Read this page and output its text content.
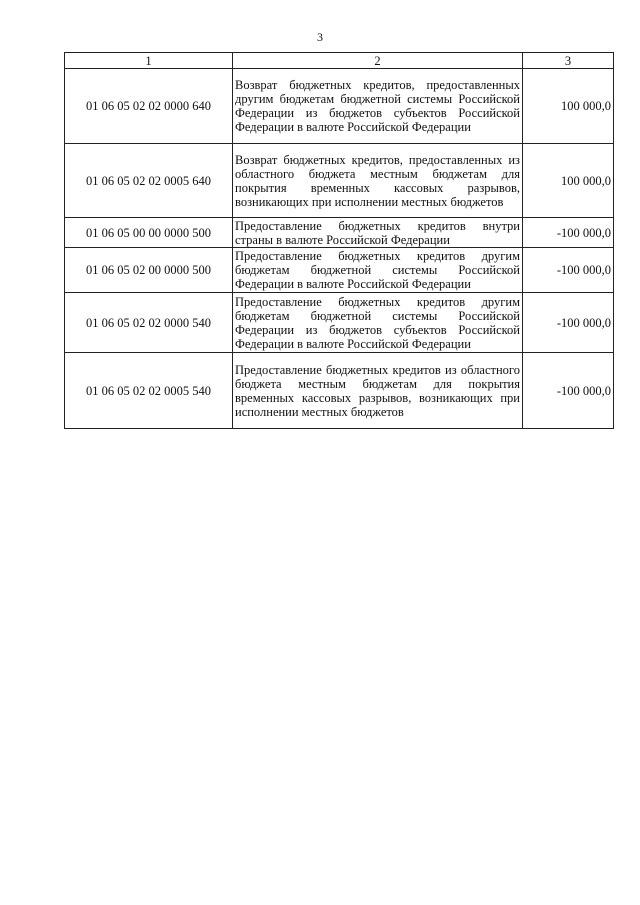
3
1	2	3
01 06 05 02 02 0000 640	Возврат бюджетных кредитов, предоставленных другим бюджетам бюджетной системы Российской Федерации из бюджетов субъектов Российской Федерации в валюте Российской Федерации	100 000,0
01 06 05 02 02 0005 640	Возврат бюджетных кредитов, предоставленных из областного бюджета местным бюджетам для покрытия временных кассовых разрывов, возникающих при исполнении местных бюджетов	100 000,0
01 06 05 00 00 0000 500	Предоставление бюджетных кредитов внутри страны в валюте Российской Федерации	-100 000,0
01 06 05 02 00 0000 500	Предоставление бюджетных кредитов другим бюджетам бюджетной системы Российской Федерации в валюте Российской Федерации	-100 000,0
01 06 05 02 02 0000 540	Предоставление бюджетных кредитов другим бюджетам бюджетной системы Российской Федерации из бюджетов субъектов Российской Федерации в валюте Российской Федерации	-100 000,0
01 06 05 02 02 0005 540	Предоставление бюджетных кредитов из областного бюджета местным бюджетам для покрытия временных кассовых разрывов, возникающих при исполнении местных бюджетов	-100 000,0
